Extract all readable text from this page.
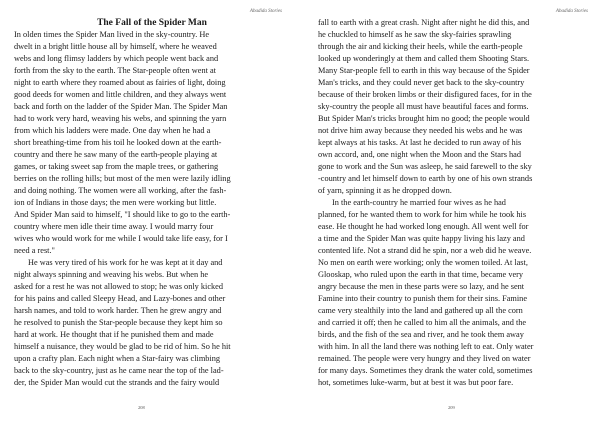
Abadida Stories
The Fall of the Spider Man
In olden times the Spider Man lived in the sky-country. He
dwelt in a bright little house all by himself, where he weaved
webs and long flimsy ladders by which people went back and
forth from the sky to the earth. The Star-people often went at
night to earth where they roamed about as fairies of light, doing
good deeds for women and little children, and they always went
back and forth on the ladder of the Spider Man. The Spider Man
had to work very hard, weaving his webs, and spinning the yarn
from which his ladders were made. One day when he had a
short breathing-time from his toil he looked down at the earth-
country and there he saw many of the earth-people playing at
games, or taking sweet sap from the maple trees, or gathering
berries on the rolling hills; but most of the men were lazily idling
and doing nothing. The women were all working, after the fash-
ion of Indians in those days; the men were working but little.
And Spider Man said to himself, "I should like to go to the earth-
country where men idle their time away. I would marry four
wives who would work for me while I would take life easy, for I
need a rest."
He was very tired of his work for he was kept at it day and
night always spinning and weaving his webs. But when he
asked for a rest he was not allowed to stop; he was only kicked
for his pains and called Sleepy Head, and Lazy-bones and other
harsh names, and told to work harder. Then he grew angry and
he resolved to punish the Star-people because they kept him so
hard at work. He thought that if he punished them and made
himself a nuisance, they would be glad to be rid of him. So he hit
upon a crafty plan. Each night when a Star-fairy was climbing
back to the sky-country, just as he came near the top of the lad-
der, the Spider Man would cut the strands and the fairy would
208
Abadida Stories
fall to earth with a great crash. Night after night he did this, and
he chuckled to himself as he saw the sky-fairies sprawling
through the air and kicking their heels, while the earth-people
looked up wonderingly at them and called them Shooting Stars.
Many Star-people fell to earth in this way because of the Spider
Man's tricks, and they could never get back to the sky-country
because of their broken limbs or their disfigured faces, for in the
sky-country the people all must have beautiful faces and forms.
But Spider Man's tricks brought him no good; the people would
not drive him away because they needed his webs and he was
kept always at his tasks. At last he decided to run away of his
own accord, and, one night when the Moon and the Stars had
gone to work and the Sun was asleep, he said farewell to the sky
-country and let himself down to earth by one of his own strands
of yarn, spinning it as he dropped down.
In the earth-country he married four wives as he had
planned, for he wanted them to work for him while he took his
ease. He thought he had worked long enough. All went well for
a time and the Spider Man was quite happy living his lazy and
contented life. Not a strand did he spin, nor a web did he weave.
No men on earth were working; only the women toiled. At last,
Glooskap, who ruled upon the earth in that time, became very
angry because the men in these parts were so lazy, and he sent
Famine into their country to punish them for their sins. Famine
came very stealthily into the land and gathered up all the corn
and carried it off; then he called to him all the animals, and the
birds, and the fish of the sea and river, and he took them away
with him. In all the land there was nothing left to eat. Only water
remained. The people were very hungry and they lived on water
for many days. Sometimes they drank the water cold, sometimes
hot, sometimes luke-warm, but at best it was but poor fare.
209
